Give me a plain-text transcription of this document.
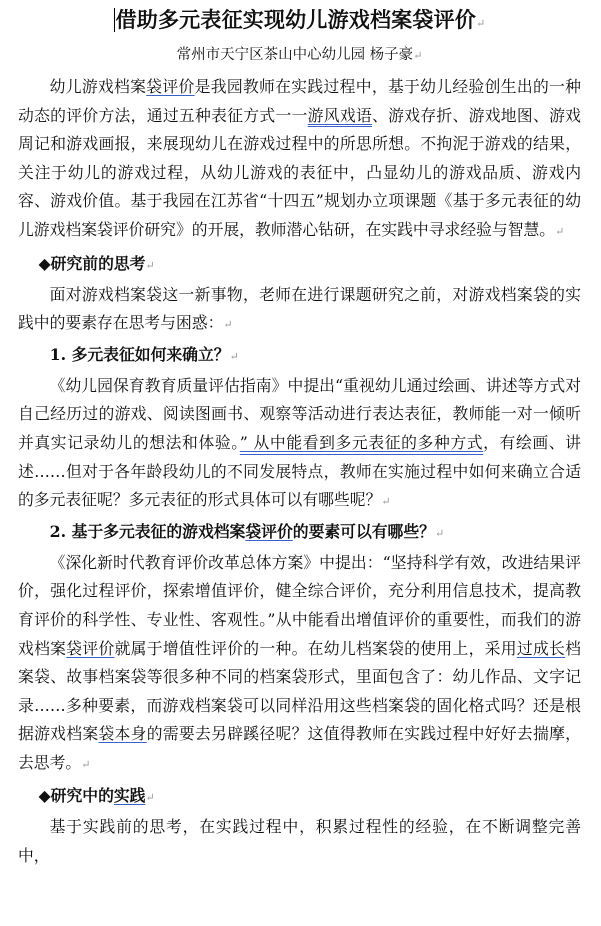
借助多元表征实现幼儿游戏档案袋评价↵

常州市天宁区茶山中心幼儿园 杨子豪↵

幼儿游戏档案袋评价是我园教师在实践过程中，基于幼儿经验创生出的一种动态的评价方法，通过五种表征方式一一游风戏语、游戏存折、游戏地图、游戏周记和游戏画报，来展现幼儿在游戏过程中的所思所想。不拘泥于游戏的结果，关注于幼儿的游戏过程，从幼儿游戏的表征中，凸显幼儿的游戏品质、游戏内容、游戏价值。基于我园在江苏省“十四五”规划办立项课题《基于多元表征的幼儿游戏档案袋评价研究》的开展，教师潜心钻研，在实践中寻求经验与智慧。↵

◆研究前的思考↵

面对游戏档案袋这一新事物，老师在进行课题研究之前，对游戏档案袋的实践中的要素存在思考与困惑：↵

1. 多元表征如何来确立？↵

《幼儿园保育教育质量评估指南》中提出“重视幼儿通过绘画、讲述等方式对自己经历过的游戏、阅读图画书、观察等活动进行表达表征，教师能一对一倾听并真实记录幼儿的想法和体验。” 从中能看到多元表征的多种方式，有绘画、讲述……但对于各年龄段幼儿的不同发展特点，教师在实施过程中如何来确立合适的多元表征呢？多元表征的形式具体可以有哪些呢？↵

2. 基于多元表征的游戏档案袋评价的要素可以有哪些？↵

《深化新时代教育评价改革总体方案》中提出：“坚持科学有效，改进结果评价，强化过程评价，探索增值评价，健全综合评价，充分利用信息技术，提高教育评价的科学性、专业性、客观性。”从中能看出增值评价的重要性，而我们的游戏档案袋评价就属于增值性评价的一种。在幼儿档案袋的使用上，采用过成长档案袋、故事档案袋等很多种不同的档案袋形式，里面包含了：幼儿作品、文字记录……多种要素，而游戏档案袋可以同样沿用这些档案袋的固化格式吗？还是根据游戏档案袋本身的需要去另辟蹊径呢？这值得教师在实践过程中好好去揣摩，去思考。↵

◆研究中的实践↵

基于实践前的思考，在实践过程中，积累过程性的经验，在不断调整完善中，
